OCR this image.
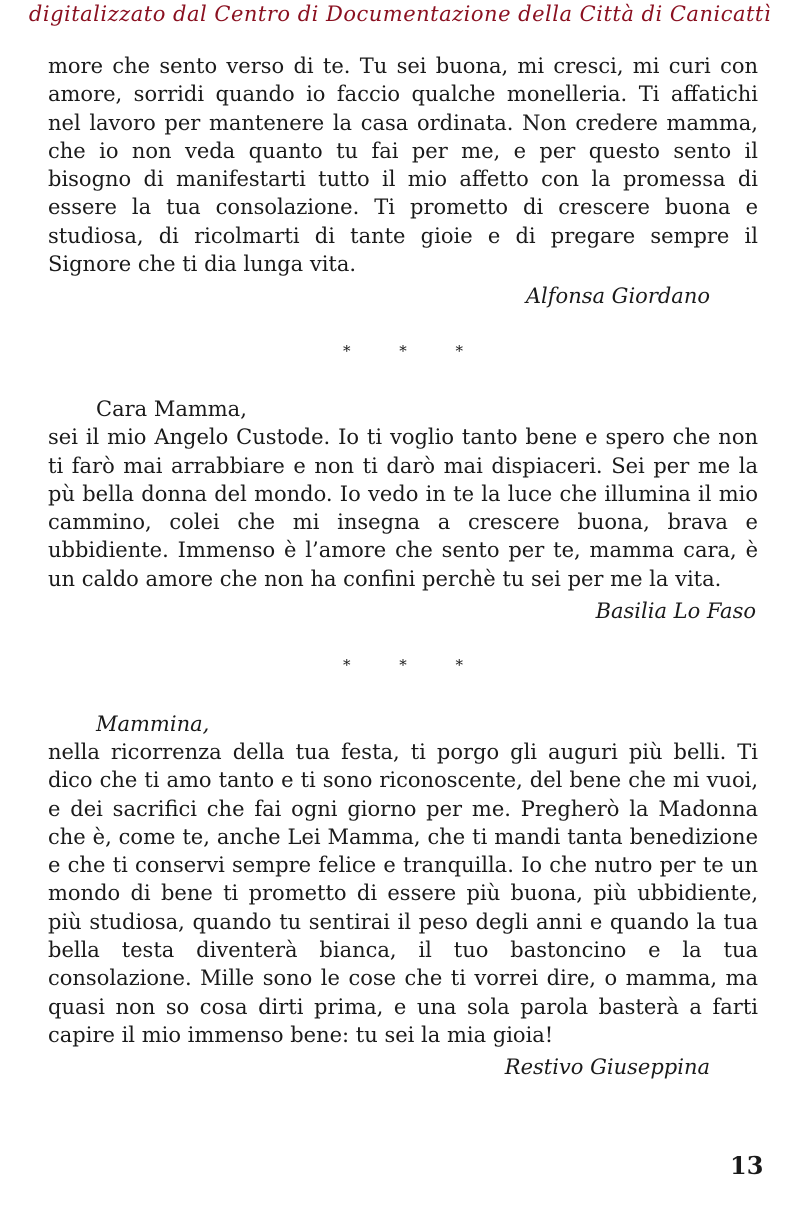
digitalizzato dal Centro di Documentazione della Città di Canicattì

more che sento verso di te. Tu sei buona, mi cresci, mi curi con amore, sorridi quando io faccio qualche monelleria. Ti affatichi nel lavoro per mantenere la casa ordinata. Non credere mamma, che io non veda quanto tu fai per me, e per questo sento il bisogno di manifestarti tutto il mio affetto con la promessa di essere la tua consolazione. Ti prometto di crescere buona e studiosa, di ricolmarti di tante gioie e di pregare sempre il Signore che ti dia lunga vita.

Alfonsa Giordano
* * *
Cara Mamma,

sei il mio Angelo Custode. Io ti voglio tanto bene e spero che non ti farò mai arrabbiare e non ti darò mai dispiaceri. Sei per me la pù bella donna del mondo. Io vedo in te la luce che illumina il mio cammino, colei che mi insegna a crescere buona, brava e ubbidiente. Immenso è l’amore che sento per te, mamma cara, è un caldo amore che non ha confini perchè tu sei per me la vita.

Basilia Lo Faso
* * *
Mammina,

nella ricorrenza della tua festa, ti porgo gli auguri più belli. Ti dico che ti amo tanto e ti sono riconoscente, del bene che mi vuoi, e dei sacrifici che fai ogni giorno per me. Pregherò la Madonna che è, come te, anche Lei Mamma, che ti mandi tanta benedizione e che ti conservi sempre felice e tranquilla. Io che nutro per te un mondo di bene ti prometto di essere più buona, più ubbidiente, più studiosa, quando tu sentirai il peso degli anni e quando la tua bella testa diventerà bianca, il tuo bastoncino e la tua consolazione. Mille sono le cose che ti vorrei dire, o mamma, ma quasi non so cosa dirti prima, e una sola parola basterà a farti capire il mio immenso bene: tu sei la mia gioia!

Restivo Giuseppina
13
